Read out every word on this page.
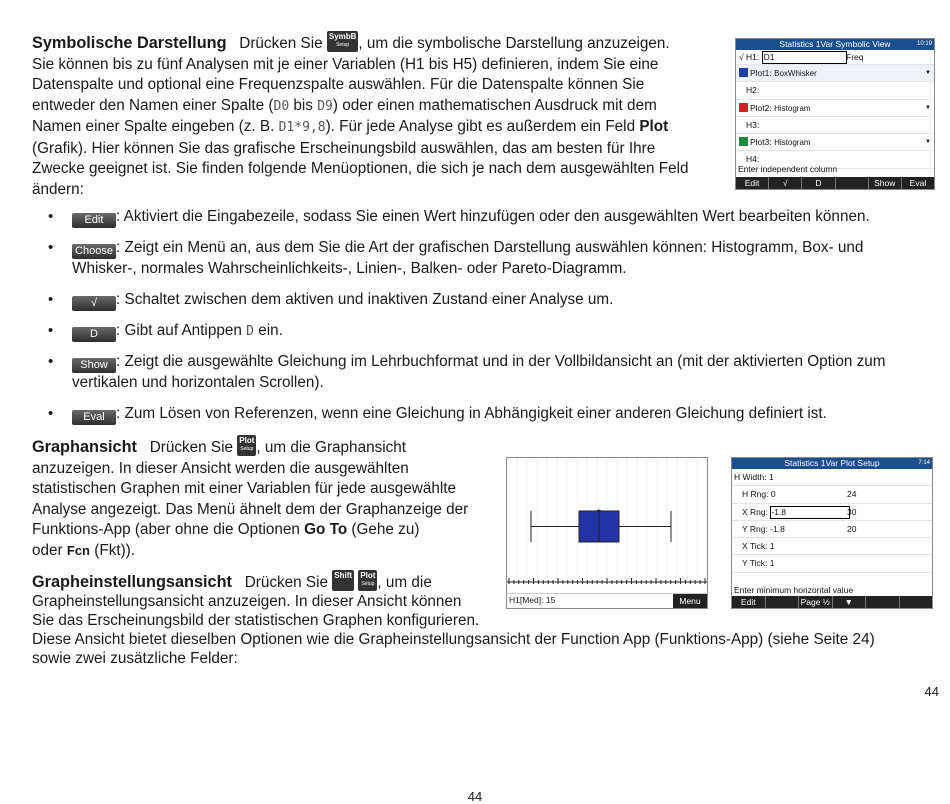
Symbolische Darstellung Drücken Sie SymbB
Setup , um die symbolische Darstellung anzuzeigen.
Sie können bis zu fünf Analysen mit je einer Variablen (H1 bis H5) definieren, indem Sie eine
Datenspalte und optional eine Frequenzspalte auswählen. Für die Datenspalte können Sie
entweder den Namen einer Spalte (D0 bis D9) oder einen mathematischen Ausdruck mit dem
Namen einer Spalte eingeben (z. B. D1*9,8). Für jede Analyse gibt es außerdem ein Feld Plot
(Grafik). Hier können Sie das grafische Erscheinungsbild auswählen, das am besten für Ihre
Zwecke geeignet ist. Sie finden folgende Menüoptionen, die sich je nach dem ausgewählten Feld
ändern:
Statistics 1Var Symbolic View	10:19
√ H1: D1	Freq
Plot1: BoxWhisker	▼
H2:
Plot2: Histogram	▼
H3:
Plot3: Histogram	▼
H4:
Enter independent column
Edit	√	D	Show	Eval
•	Edit : Aktiviert die Eingabezeile, sodass Sie einen Wert hinzufügen oder den ausgewählten Wert bearbeiten können.
• Choose : Zeigt ein Menü an, aus dem Sie die Art der grafischen Darstellung auswählen können: Histogramm, Box- und
Whisker-, normales Wahrscheinlichkeits-, Linien-, Balken- oder Pareto-Diagramm.
•	√ : Schaltet zwischen dem aktiven und inaktiven Zustand einer Analyse um.
•	D : Gibt auf Antippen D ein.
•	Show : Zeigt die ausgewählte Gleichung im Lehrbuchformat und in der Vollbildansicht an (mit der aktivierten Option zum
vertikalen und horizontalen Scrollen).
•	Eval : Zum Lösen von Referenzen, wenn eine Gleichung in Abhängigkeit einer anderen Gleichung definiert ist.
Graphansicht Drücken Sie Plot
Setup , um die Graphansicht
anzuzeigen. In dieser Ansicht werden die ausgewählten
statistischen Graphen mit einer Variablen für jede ausgewählte
Analyse angezeigt. Das Menü ähnelt dem der Graphanzeige der
Funktions-App (aber ohne die Optionen Go To (Gehe zu)
oder Fcn (Fkt)).
+
H1[Med]: 15	Menu
Statistics 1Var Plot Setup	7:14
H Width: 1
H Rng: 0	24
X Rng: -1.8	30
Y Rng: -1.8	20
X Tick: 1
Y Tick: 1
Enter minimum horizontal value
Edit	Page ½	▼
Grapheinstellungsansicht Drücken Sie Shift
Plot
Setup , um die
Grapheinstellungsansicht anzuzeigen. In dieser Ansicht können
Sie das Erscheinungsbild der statistischen Graphen konfigurieren.
Diese Ansicht bietet dieselben Optionen wie die Grapheinstellungsansicht der Function App (Funktions-App) (siehe Seite 24)
sowie zwei zusätzliche Felder:
44
44
